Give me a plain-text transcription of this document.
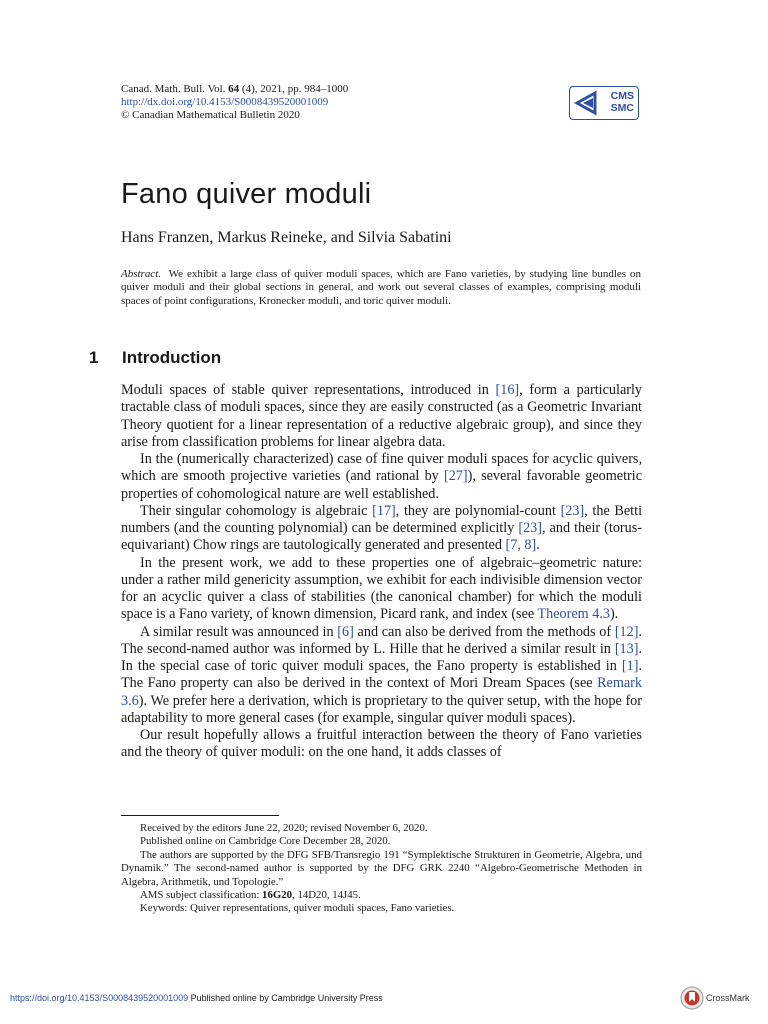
Canad. Math. Bull. Vol. 64 (4), 2021, pp. 984–1000
http://dx.doi.org/10.4153/S0008439520001009
© Canadian Mathematical Bulletin 2020
CMS
SMC
Fano quiver moduli
Hans Franzen, Markus Reineke, and Silvia Sabatini
Abstract. We exhibit a large class of quiver moduli spaces, which are Fano varieties, by studying line bundles on quiver moduli and their global sections in general, and work out several classes of examples, comprising moduli spaces of point configurations, Kronecker moduli, and toric quiver moduli.
1 Introduction

Moduli spaces of stable quiver representations, introduced in [16], form a particularly tractable class of moduli spaces, since they are easily constructed (as a Geometric Invariant Theory quotient for a linear representation of a reductive algebraic group), and since they arise from classification problems for linear algebra data.

In the (numerically characterized) case of fine quiver moduli spaces for acyclic quivers, which are smooth projective varieties (and rational by [27]), several favorable geometric properties of cohomological nature are well established.

Their singular cohomology is algebraic [17], they are polynomial-count [23], the Betti numbers (and the counting polynomial) can be determined explicitly [23], and their (torus-equivariant) Chow rings are tautologically generated and presented [7, 8].

In the present work, we add to these properties one of algebraic–geometric nature: under a rather mild genericity assumption, we exhibit for each indivisible dimension vector for an acyclic quiver a class of stabilities (the canonical chamber) for which the moduli space is a Fano variety, of known dimension, Picard rank, and index (see Theorem 4.3).

A similar result was announced in [6] and can also be derived from the methods of [12]. The second-named author was informed by L. Hille that he derived a similar result in [13]. In the special case of toric quiver moduli spaces, the Fano property is established in [1]. The Fano property can also be derived in the context of Mori Dream Spaces (see Remark 3.6). We prefer here a derivation, which is proprietary to the quiver setup, with the hope for adaptability to more general cases (for example, singular quiver moduli spaces).

Our result hopefully allows a fruitful interaction between the theory of Fano varieties and the theory of quiver moduli: on the one hand, it adds classes of

Received by the editors June 22, 2020; revised November 6, 2020.

Published online on Cambridge Core December 28, 2020.

The authors are supported by the DFG SFB/Transregio 191 “Symplektische Strukturen in Geometrie, Algebra, und Dynamik.” The second-named author is supported by the DFG GRK 2240 “Algebro-Geometrische Methoden in Algebra, Arithmetik, und Topologie.”

AMS subject classification: 16G20, 14D20, 14J45.

Keywords: Quiver representations, quiver moduli spaces, Fano varieties.

https://doi.org/10.4153/S0008439520001009 Published online by Cambridge University Press	CrossMark
